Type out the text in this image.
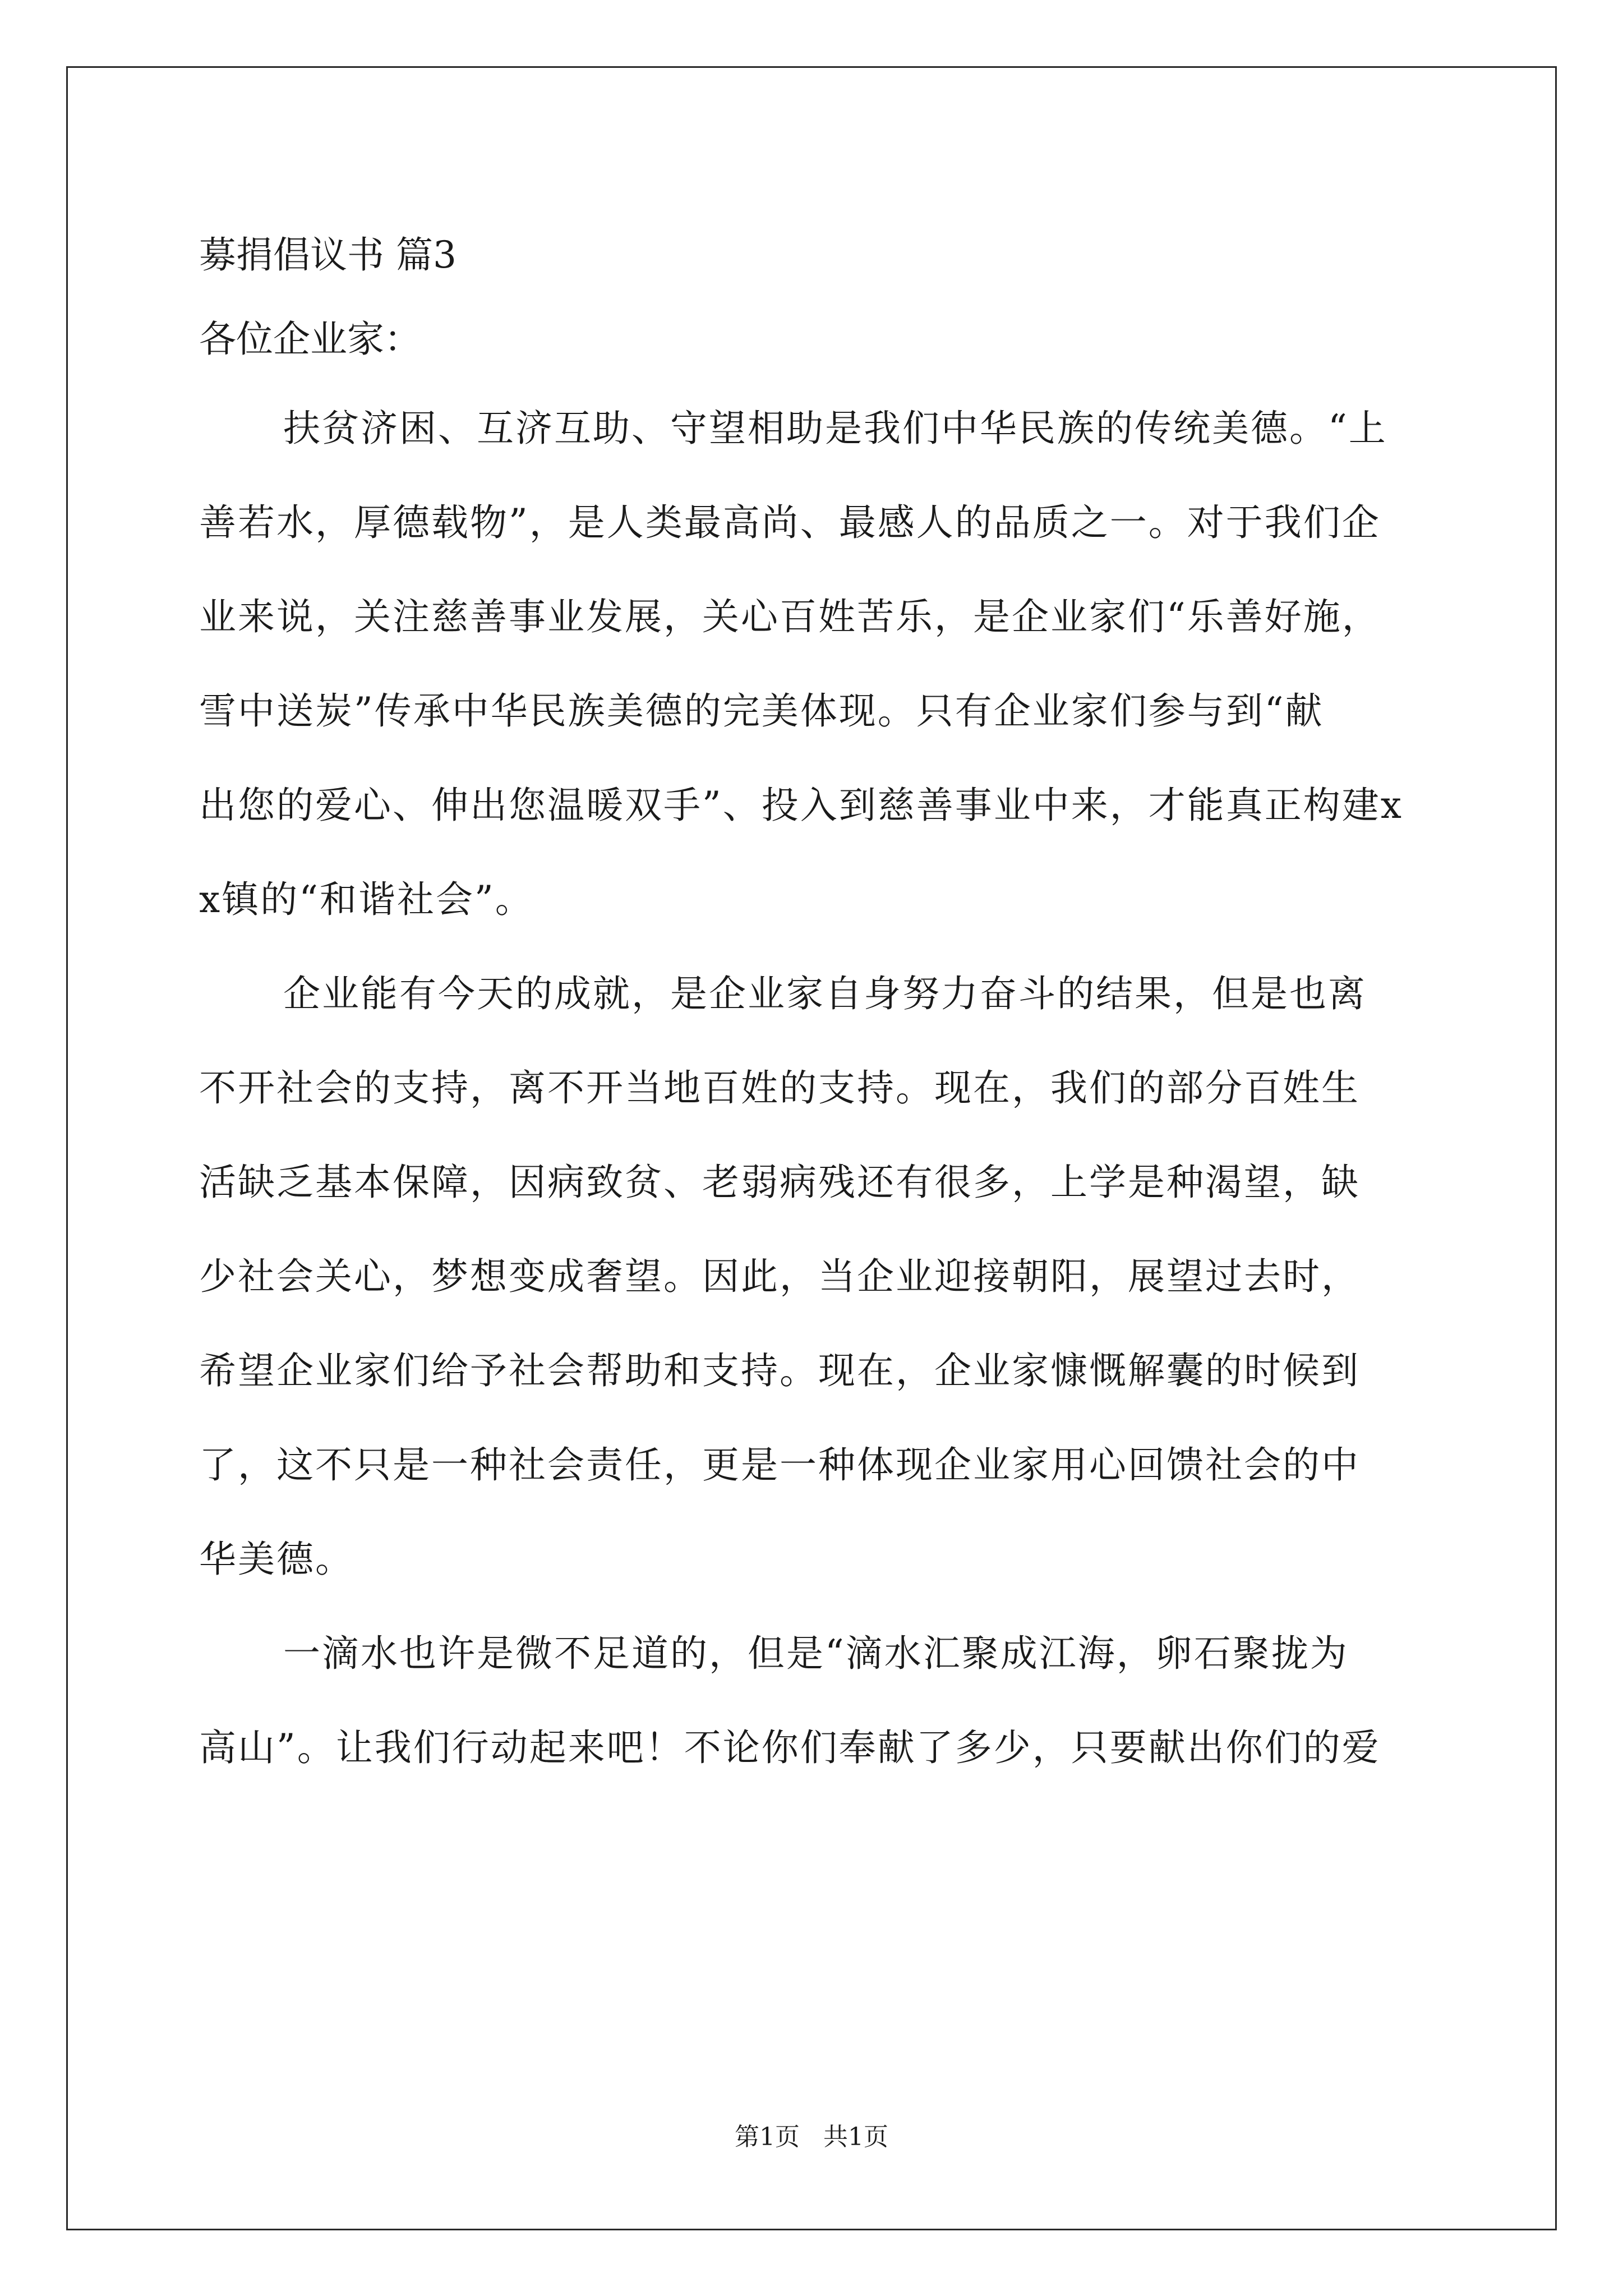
募捐倡议书 篇3
各位企业家：
扶贫济困、互济互助、守望相助是我们中华民族的传统美德。“上
善若水，厚德载物”，是人类最高尚、最感人的品质之一。对于我们企
业来说，关注慈善事业发展，关心百姓苦乐，是企业家们“乐善好施，
雪中送炭”传承中华民族美德的完美体现。只有企业家们参与到“献
出您的爱心、伸出您温暖双手”、投入到慈善事业中来，才能真正构建x
x镇的“和谐社会”。
企业能有今天的成就，是企业家自身努力奋斗的结果，但是也离
不开社会的支持，离不开当地百姓的支持。现在，我们的部分百姓生
活缺乏基本保障，因病致贫、老弱病残还有很多，上学是种渴望，缺
少社会关心，梦想变成奢望。因此，当企业迎接朝阳，展望过去时，
希望企业家们给予社会帮助和支持。现在，企业家慷慨解囊的时候到
了，这不只是一种社会责任，更是一种体现企业家用心回馈社会的中
华美德。
一滴水也许是微不足道的，但是“滴水汇聚成江海，卵石聚拢为
高山”。让我们行动起来吧！不论你们奉献了多少，只要献出你们的爱
第1页   共1页
